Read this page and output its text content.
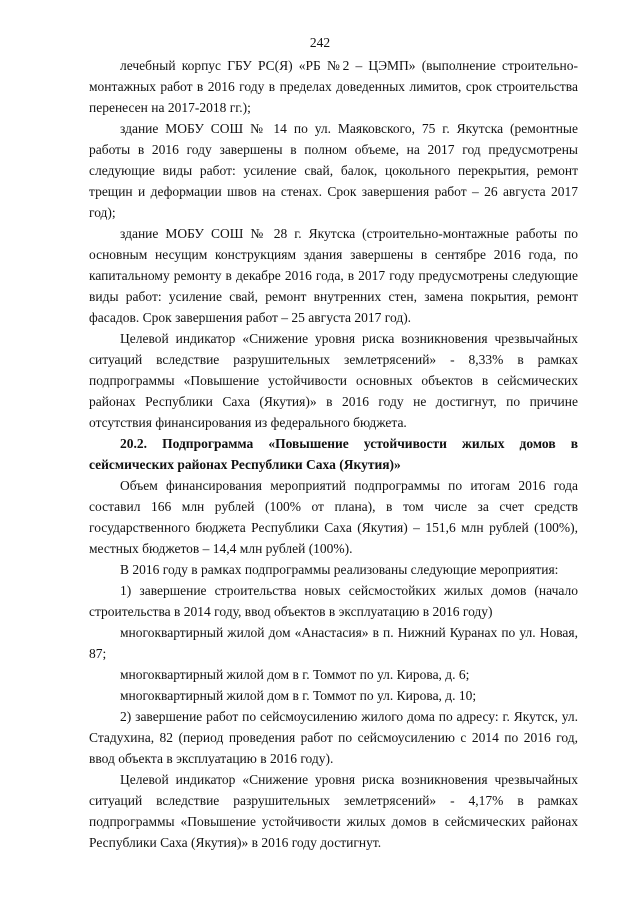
242

лечебный корпус ГБУ РС(Я) «РБ №2 – ЦЭМП» (выполнение строительно-монтажных работ в 2016 году в пределах доведенных лимитов, срок строительства перенесен на 2017-2018 гг.);

здание МОБУ СОШ № 14 по ул. Маяковского, 75 г. Якутска (ремонтные работы в 2016 году завершены в полном объеме, на 2017 год предусмотрены следующие виды работ: усиление свай, балок, цокольного перекрытия, ремонт трещин и деформации швов на стенах. Срок завершения работ – 26 августа 2017 год);

здание МОБУ СОШ № 28 г. Якутска (строительно-монтажные работы по основным несущим конструкциям здания завершены в сентябре 2016 года, по капитальному ремонту в декабре 2016 года, в 2017 году предусмотрены следующие виды работ: усиление свай, ремонт внутренних стен, замена покрытия, ремонт фасадов. Срок завершения работ – 25 августа 2017 год).

Целевой индикатор «Снижение уровня риска возникновения чрезвычайных ситуаций вследствие разрушительных землетрясений» - 8,33% в рамках подпрограммы «Повышение устойчивости основных объектов в сейсмических районах Республики Саха (Якутия)» в 2016 году не достигнут, по причине отсутствия финансирования из федерального бюджета.

20.2. Подпрограмма «Повышение устойчивости жилых домов в сейсмических районах Республики Саха (Якутия)»

Объем финансирования мероприятий подпрограммы по итогам 2016 года составил 166 млн рублей (100% от плана), в том числе за счет средств государственного бюджета Республики Саха (Якутия) – 151,6 млн рублей (100%), местных бюджетов – 14,4 млн рублей (100%).

В 2016 году в рамках подпрограммы реализованы следующие мероприятия:

1) завершение строительства новых сейсмостойких жилых домов (начало строительства в 2014 году, ввод объектов в эксплуатацию в 2016 году)

многоквартирный жилой дом «Анастасия» в п. Нижний Куранах по ул. Новая, 87;

многоквартирный жилой дом в г. Томмот по ул. Кирова, д. 6;

многоквартирный жилой дом в г. Томмот по ул. Кирова, д. 10;

2) завершение работ по сейсмоусилению жилого дома по адресу: г. Якутск, ул. Стадухина, 82 (период проведения работ по сейсмоусилению с 2014 по 2016 год, ввод объекта в эксплуатацию в 2016 году).

Целевой индикатор «Снижение уровня риска возникновения чрезвычайных ситуаций вследствие разрушительных землетрясений» - 4,17% в рамках подпрограммы «Повышение устойчивости жилых домов в сейсмических районах Республики Саха (Якутия)» в 2016 году достигнут.
